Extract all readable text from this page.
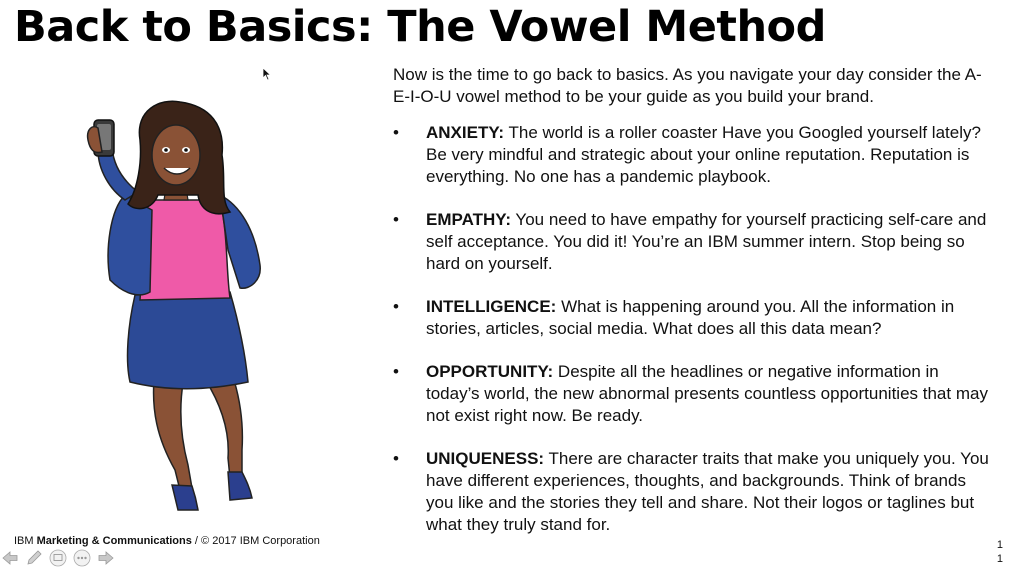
Back to Basics: The Vowel Method

Now is the time to go back to basics. As you navigate your day consider the A-E-I-O-U vowel method to be your guide as you build your brand.

• ANXIETY: The world is a roller coaster Have you Googled yourself lately? Be very mindful and strategic about your online reputation. Reputation is everything. No one has a pandemic playbook.
• EMPATHY: You need to have empathy for yourself practicing self-care and self acceptance. You did it! You’re an IBM summer intern. Stop being so hard on yourself.
• INTELLIGENCE: What is happening around you. All the information in stories, articles, social media. What does all this data mean?
• OPPORTUNITY: Despite all the headlines or negative information in today’s world, the new abnormal presents countless opportunities that may not exist right now. Be ready.
• UNIQUENESS: There are character traits that make you uniquely you. You have different experiences, thoughts, and backgrounds. Think of brands you like and the stories they tell and share. Not their logos or taglines but what they truly stand for.
IBM Marketing & Communications / © 2017 IBM Corporation	1
1
